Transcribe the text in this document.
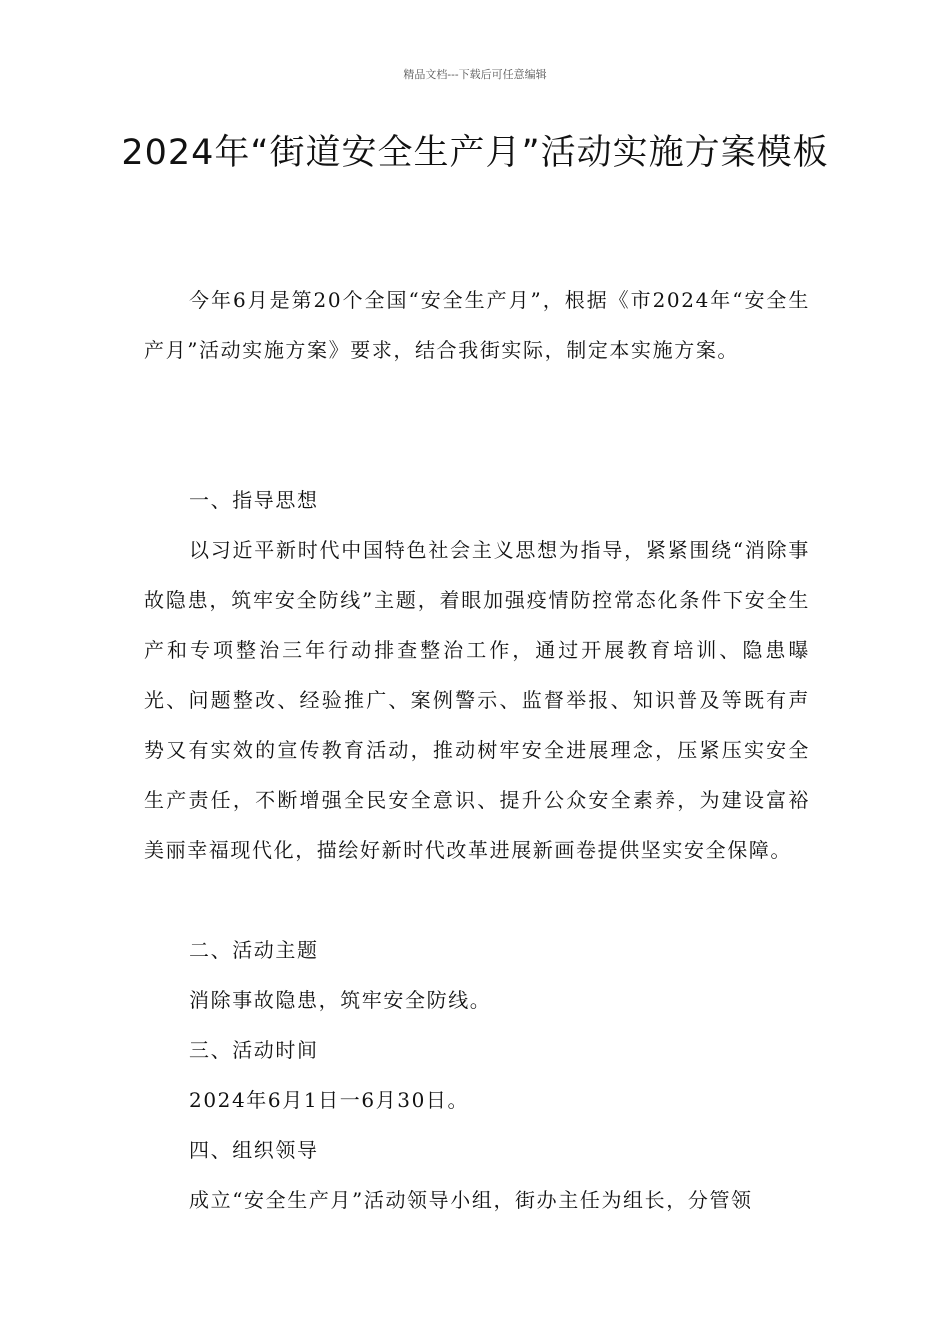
精品文档---下载后可任意编辑
2024年“街道安全生产月”活动实施方案模板

今年6月是第20个全国“安全生产月”，根据《市2024年“安全生产月”活动实施方案》要求，结合我街实际，制定本实施方案。

一、指导思想

以习近平新时代中国特色社会主义思想为指导，紧紧围绕“消除事故隐患，筑牢安全防线”主题，着眼加强疫情防控常态化条件下安全生产和专项整治三年行动排查整治工作，通过开展教育培训、隐患曝光、问题整改、经验推广、案例警示、监督举报、知识普及等既有声势又有实效的宣传教育活动，推动树牢安全进展理念，压紧压实安全生产责任，不断增强全民安全意识、提升公众安全素养，为建设富裕美丽幸福现代化，描绘好新时代改革进展新画卷提供坚实安全保障。

二、活动主题

消除事故隐患，筑牢安全防线。

三、活动时间

2024年6月1日一6月30日。

四、组织领导

成立“安全生产月”活动领导小组，街办主任为组长，分管领
